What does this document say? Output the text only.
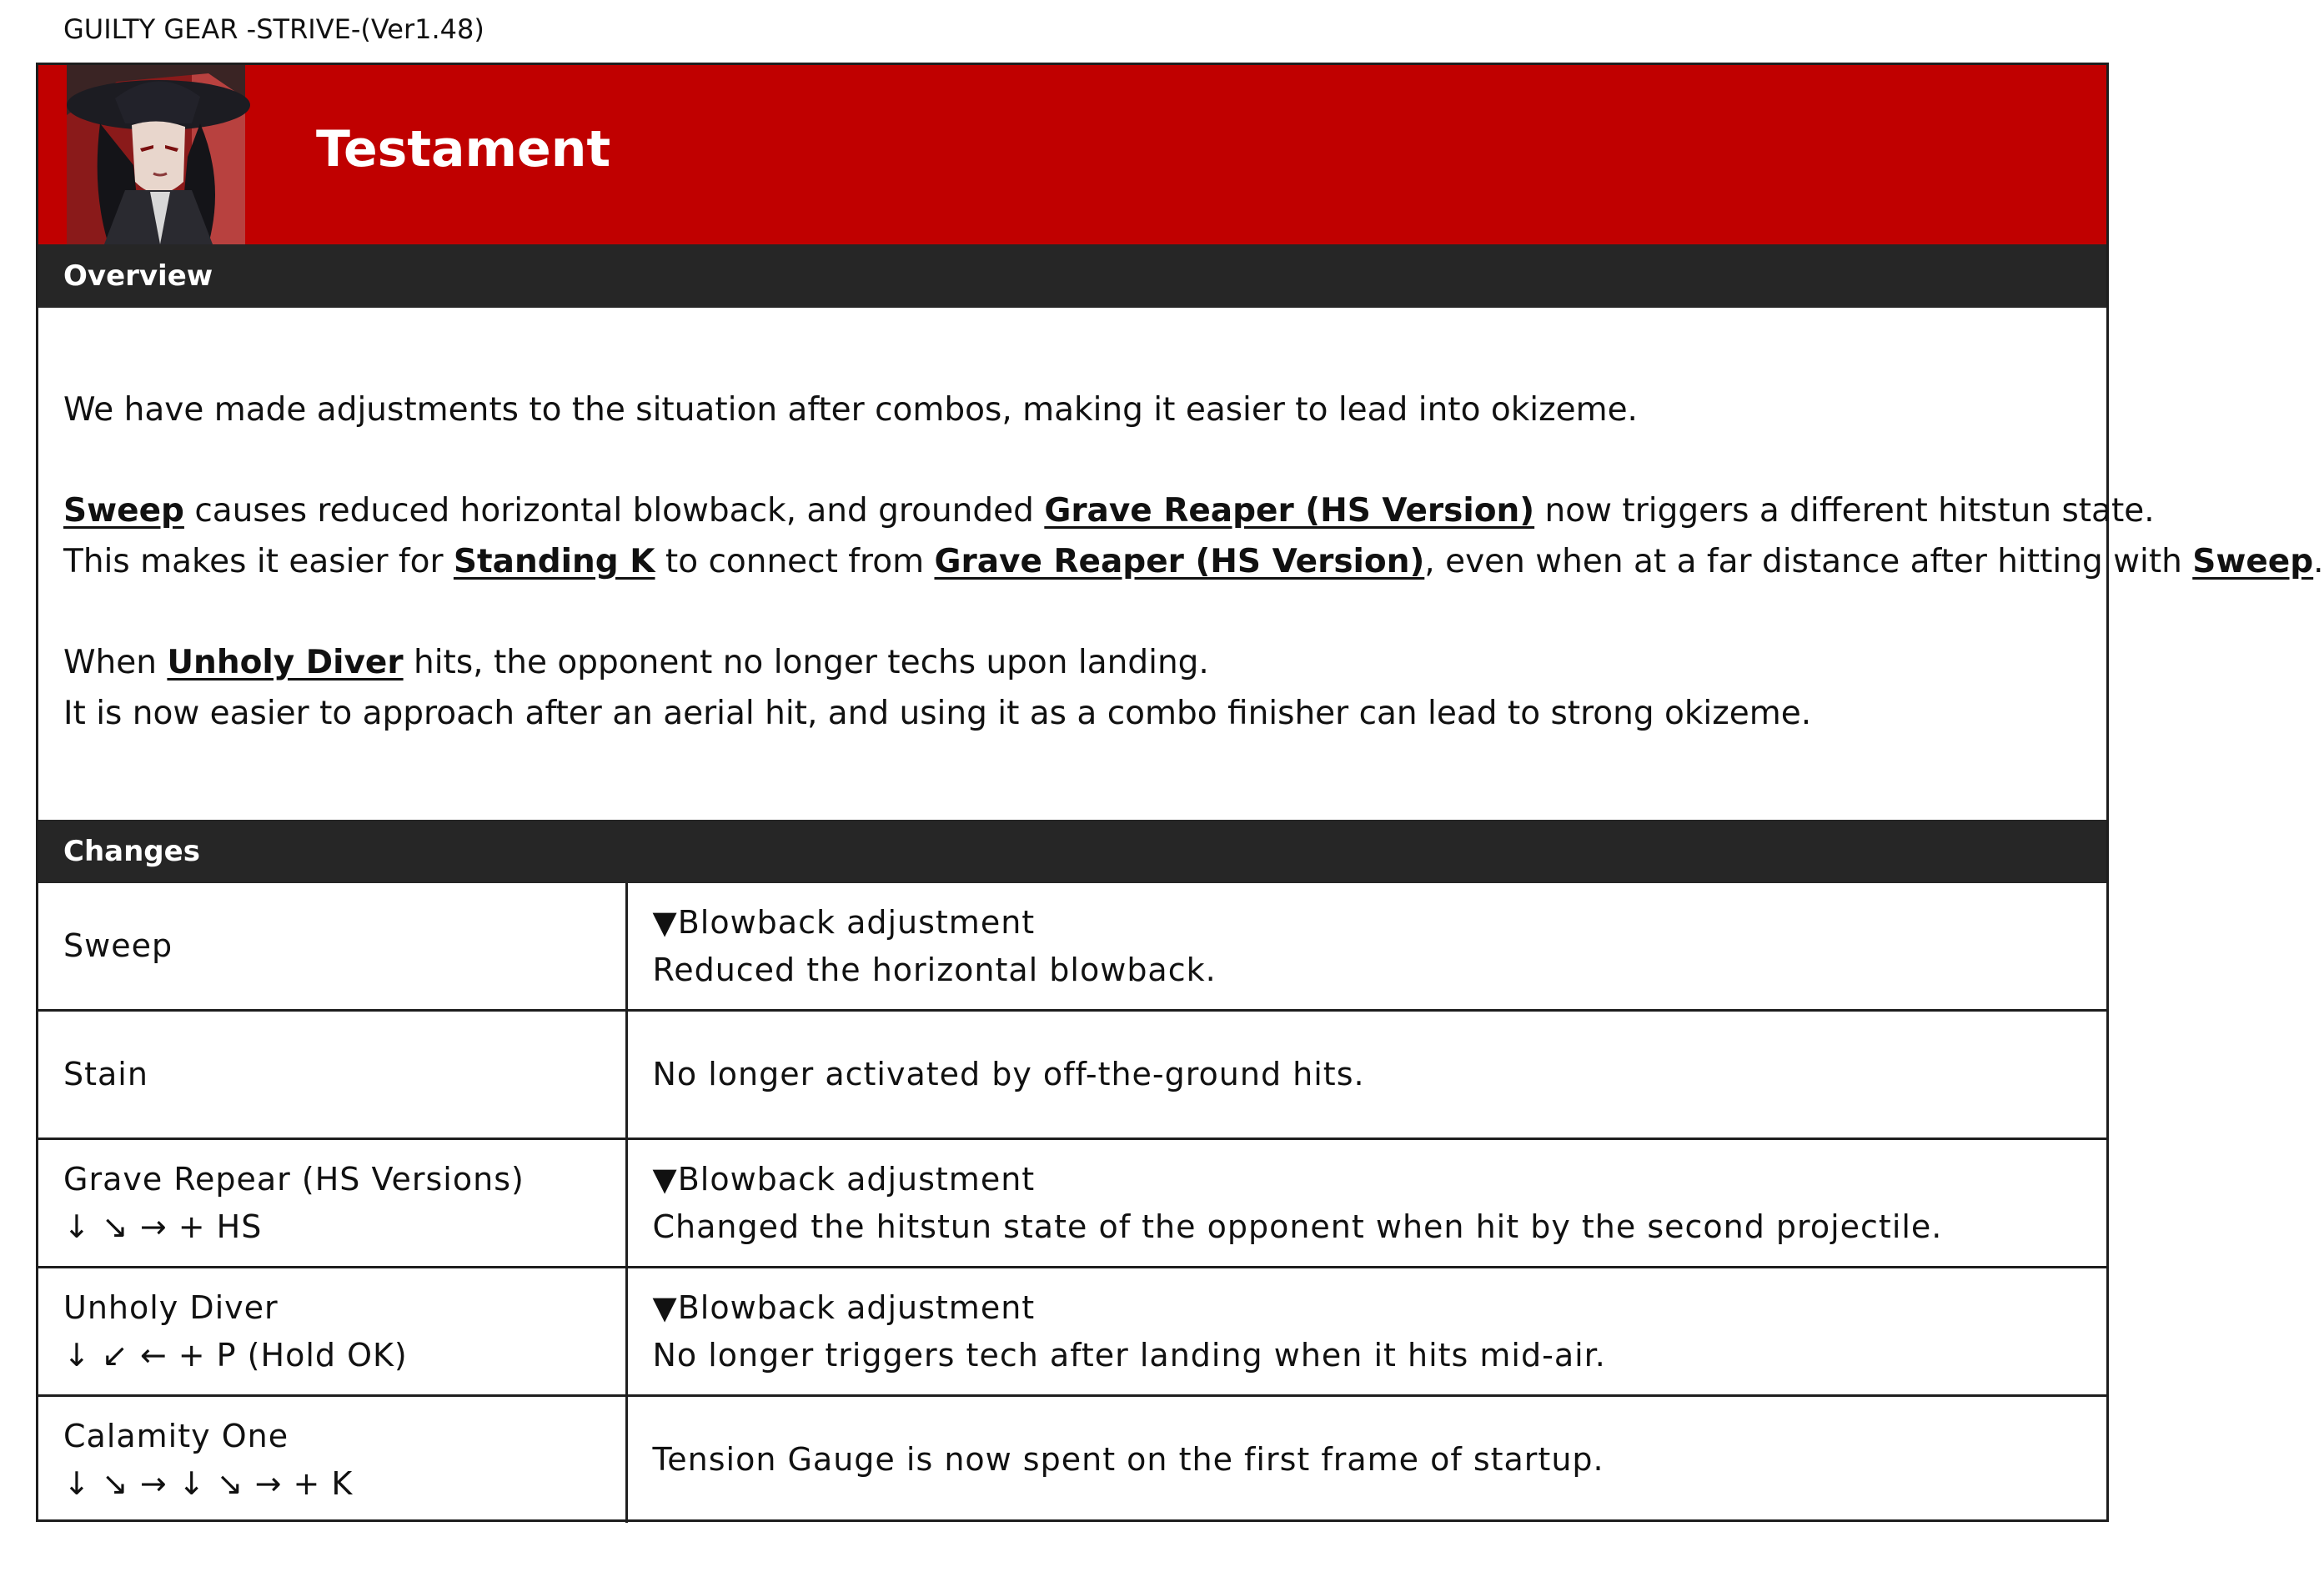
GUILTY GEAR -STRIVE-(Ver1.48)
Testament
Overview

We have made adjustments to the situation after combos, making it easier to lead into okizeme.

Sweep causes reduced horizontal blowback, and grounded Grave Reaper (HS Version) now triggers a different hitstun state.
This makes it easier for Standing K to connect from Grave Reaper (HS Version), even when at a far distance after hitting with Sweep.

When Unholy Diver hits, the opponent no longer techs upon landing.
It is now easier to approach after an aerial hit, and using it as a combo finisher can lead to strong okizeme.

Changes
Sweep	▼Blowback adjustment
Reduced the horizontal blowback.

Stain	No longer activated by off-the-ground hits.

Grave Repear (HS Versions)
↓ ↘ → + HS	▼Blowback adjustment
Changed the hitstun state of the opponent when hit by the second projectile.

Unholy Diver
↓ ↙ ← + P (Hold OK)	▼Blowback adjustment
No longer triggers tech after landing when it hits mid-air.

Calamity One
↓ ↘ → ↓ ↘ → + K	Tension Gauge is now spent on the first frame of startup.
